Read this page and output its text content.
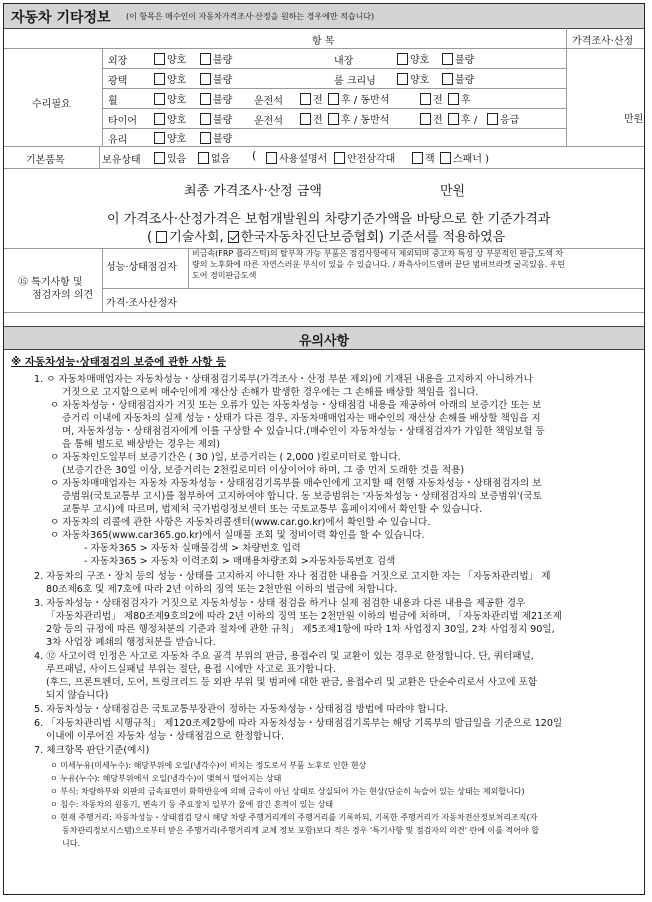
자동차 기타정보 (이 항목은 매수인이 자동차가격조사·산정을 원하는 경우에만 적습니다)
항 목	가격조사·산정
수리필요
만원
외장	양호	불량	내장	양호	불량
광택	양호	불량	룸 크리닝	양호	불량
휠	양호	불량 운전석	전	후 / 동반석	전	후
타이어	양호	불량 운전석	전	후 / 동반석	전	후 /	응급
유리	양호	불량
기본품목	보유상태	있음	없음 (	사용설명서	안전삼각대	잭	스패너 )
최종 가격조사·산정 금액	만원
이 가격조사·산정가격은 보험개발원의 차량기준가액을 바탕으로 한 기준가격과
( 기술사회, 한국자동차진단보증협회) 기준서를 적용하였음
⑮ 특기사항 및
점검자의 의견
성능·상태점검자
비금속(FRP 플라스틱)의 탈부착 가능 부품은 점검사항에서 제외되며 중고차 특성 상 부분적인 판금,도색 차
량의 노후화에 따른 자연스러운 부식이 있을 수 있습니다. / 좌측사이드앰버 끝단 범버브라켓 굴곡있음. 우틴
도어 경미판금도색
가격·조사산정자
유의사항
※ 자동차성능·상태점검의 보증에 관한 사항 등
1. ㅇ 자동차매매업자는 자동차성능・상태점검기록부(가격조사・산정 부분 제외)에 기재된 내용을 고지하지 아니하거나
거짓으로 고지함으로써 매수인에게 재산상 손해가 발생한 경우에는 그 손해를 배상할 책임을 집니다.
ㅇ 자동차성능・상태점검자가 거짓 또는 오류가 있는 자동차성능・상태점검 내용을 제공하여 아래의 보증기간 또는 보
증거리 이내에 자동차의 실제 성능・상태가 다른 경우, 자동차매매업자는 매수인의 재산상 손해를 배상할 책임을 지
며, 자동차성능・상태점검자에게 이를 구상할 수 있습니다.(매수인이 자동차성능・상태점검자가 가입한 책임보험 등
을 통해 별도로 배상받는 경우는 제외)
ㅇ 자동차인도일부터 보증기간은 ( 30 )일, 보증거리는 ( 2,000 )킬로미터로 합니다.
(보증기간은 30일 이상, 보증거리는 2천킬로미터 이상이어야 하며, 그 중 먼저 도래한 것을 적용)
ㅇ 자동차매매업자는 자동차 자동차성능・상태점검기록부를 매수인에게 고지할 때 현행 자동차성능・상태점검자의 보
증범위(국토교통부 고시)를 첨부하여 고지하여야 합니다. 동 보증범위는 '자동차성능・상태점검자의 보증범위'(국토
교통부 고시)에 따르며, 법제처 국가법령정보센터 또는 국토교통부 홈페이지에서 확인할 수 있습니다.
ㅇ 자동차의 리콜에 관한 사항은 자동차리콜센터(www.car.go.kr)에서 확인할 수 있습니다.
ㅇ 자동차365(www.car365.go.kr)에서 실매물 조회 및 정비이력 확인을 할 수 있습니다.
- 자동차365 > 자동차 실매물검색 > 차량번호 입력
- 자동차365 > 자동차 이력조회 > 매매용차량조회 >자동차등록번호 검색
2. 자동차의 구조・장치 등의 성능・상태를 고지하지 아니한 자나 점검한 내용을 거짓으로 고지한 자는 「자동차관리법」 제
80조제6호 및 제7호에 따라 2년 이하의 징역 또는 2천만원 이하의 벌금에 처합니다.
3. 자동차성능・상태점검자가 거짓으로 자동차성능・상태 점검을 하거나 실제 점검한 내용과 다른 내용을 제공한 경우
「자동차관리법」 제80조제9호의2에 따라 2년 이하의 징역 또는 2천만원 이하의 벌금에 처하며, 「자동차관리법 제21조제
2항 등의 규정에 따른 행정처분의 기준과 절차에 관한 규칙」 제5조제1항에 따라 1차 사업정지 30일, 2차 사업정지 90일,
3차 사업장 폐쇄의 행정처분을 받습니다.
4. ⑫ 사고이력 인정은 사고로 자동차 주요 골격 부위의 판금, 용접수리 및 교환이 있는 경우로 한정합니다. 단, 쿼터패널,
루프패널, 사이드실패널 부위는 절단, 용접 시에만 사고로 표기합니다.
(후드, 프론트펜더, 도어, 트렁크리드 등 외판 부위 및 범퍼에 대한 판금, 용접수리 및 교환은 단순수리로서 사고에 포함
되지 않습니다)
5. 자동차성능・상태점검은 국토교통부장관이 정하는 자동차성능・상태점검 방법에 따라야 합니다.
6. 「자동차관리법 시행규칙」 제120조제2항에 따라 자동차성능・상태점검기록부는 해당 기록부의 발급일을 기준으로 120일
이내에 이루어진 자동차 성능・상태점검으로 한정합니다.
7. 체크항목 판단기준(예시)
ㅇ 미세누유(미세누수): 해당부위에 오일(냉각수)이 비치는 정도로서 부품 노후로 인한 현상
ㅇ 누유(누수): 해당부위에서 오일(냉각수)이 맺혀서 떨어지는 상태
ㅇ 부식: 차량하부와 외판의 금속표면이 화학반응에 의해 금속이 아닌 상태로 상실되어 가는 현상(단순히 녹슬어 있는 상태는 제외합니다)
ㅇ 침수: 자동차의 원동기, 변속기 등 주요장치 일부가 물에 잠긴 흔적이 있는 상태
ㅇ 현재 주행거리: 자동차성능・상태점검 당시 해당 차량 주행거리계의 주행거리를 기록하되, 기록한 주행거리가 자동차전산정보처리조직(자
동차관리정보시스템)으로부터 받은 주행거리(주행거리계 교체 정보 포함)보다 적은 경우 '특기사항 및 점검자의 의견' 란에 이를 적어야 합
니다.
